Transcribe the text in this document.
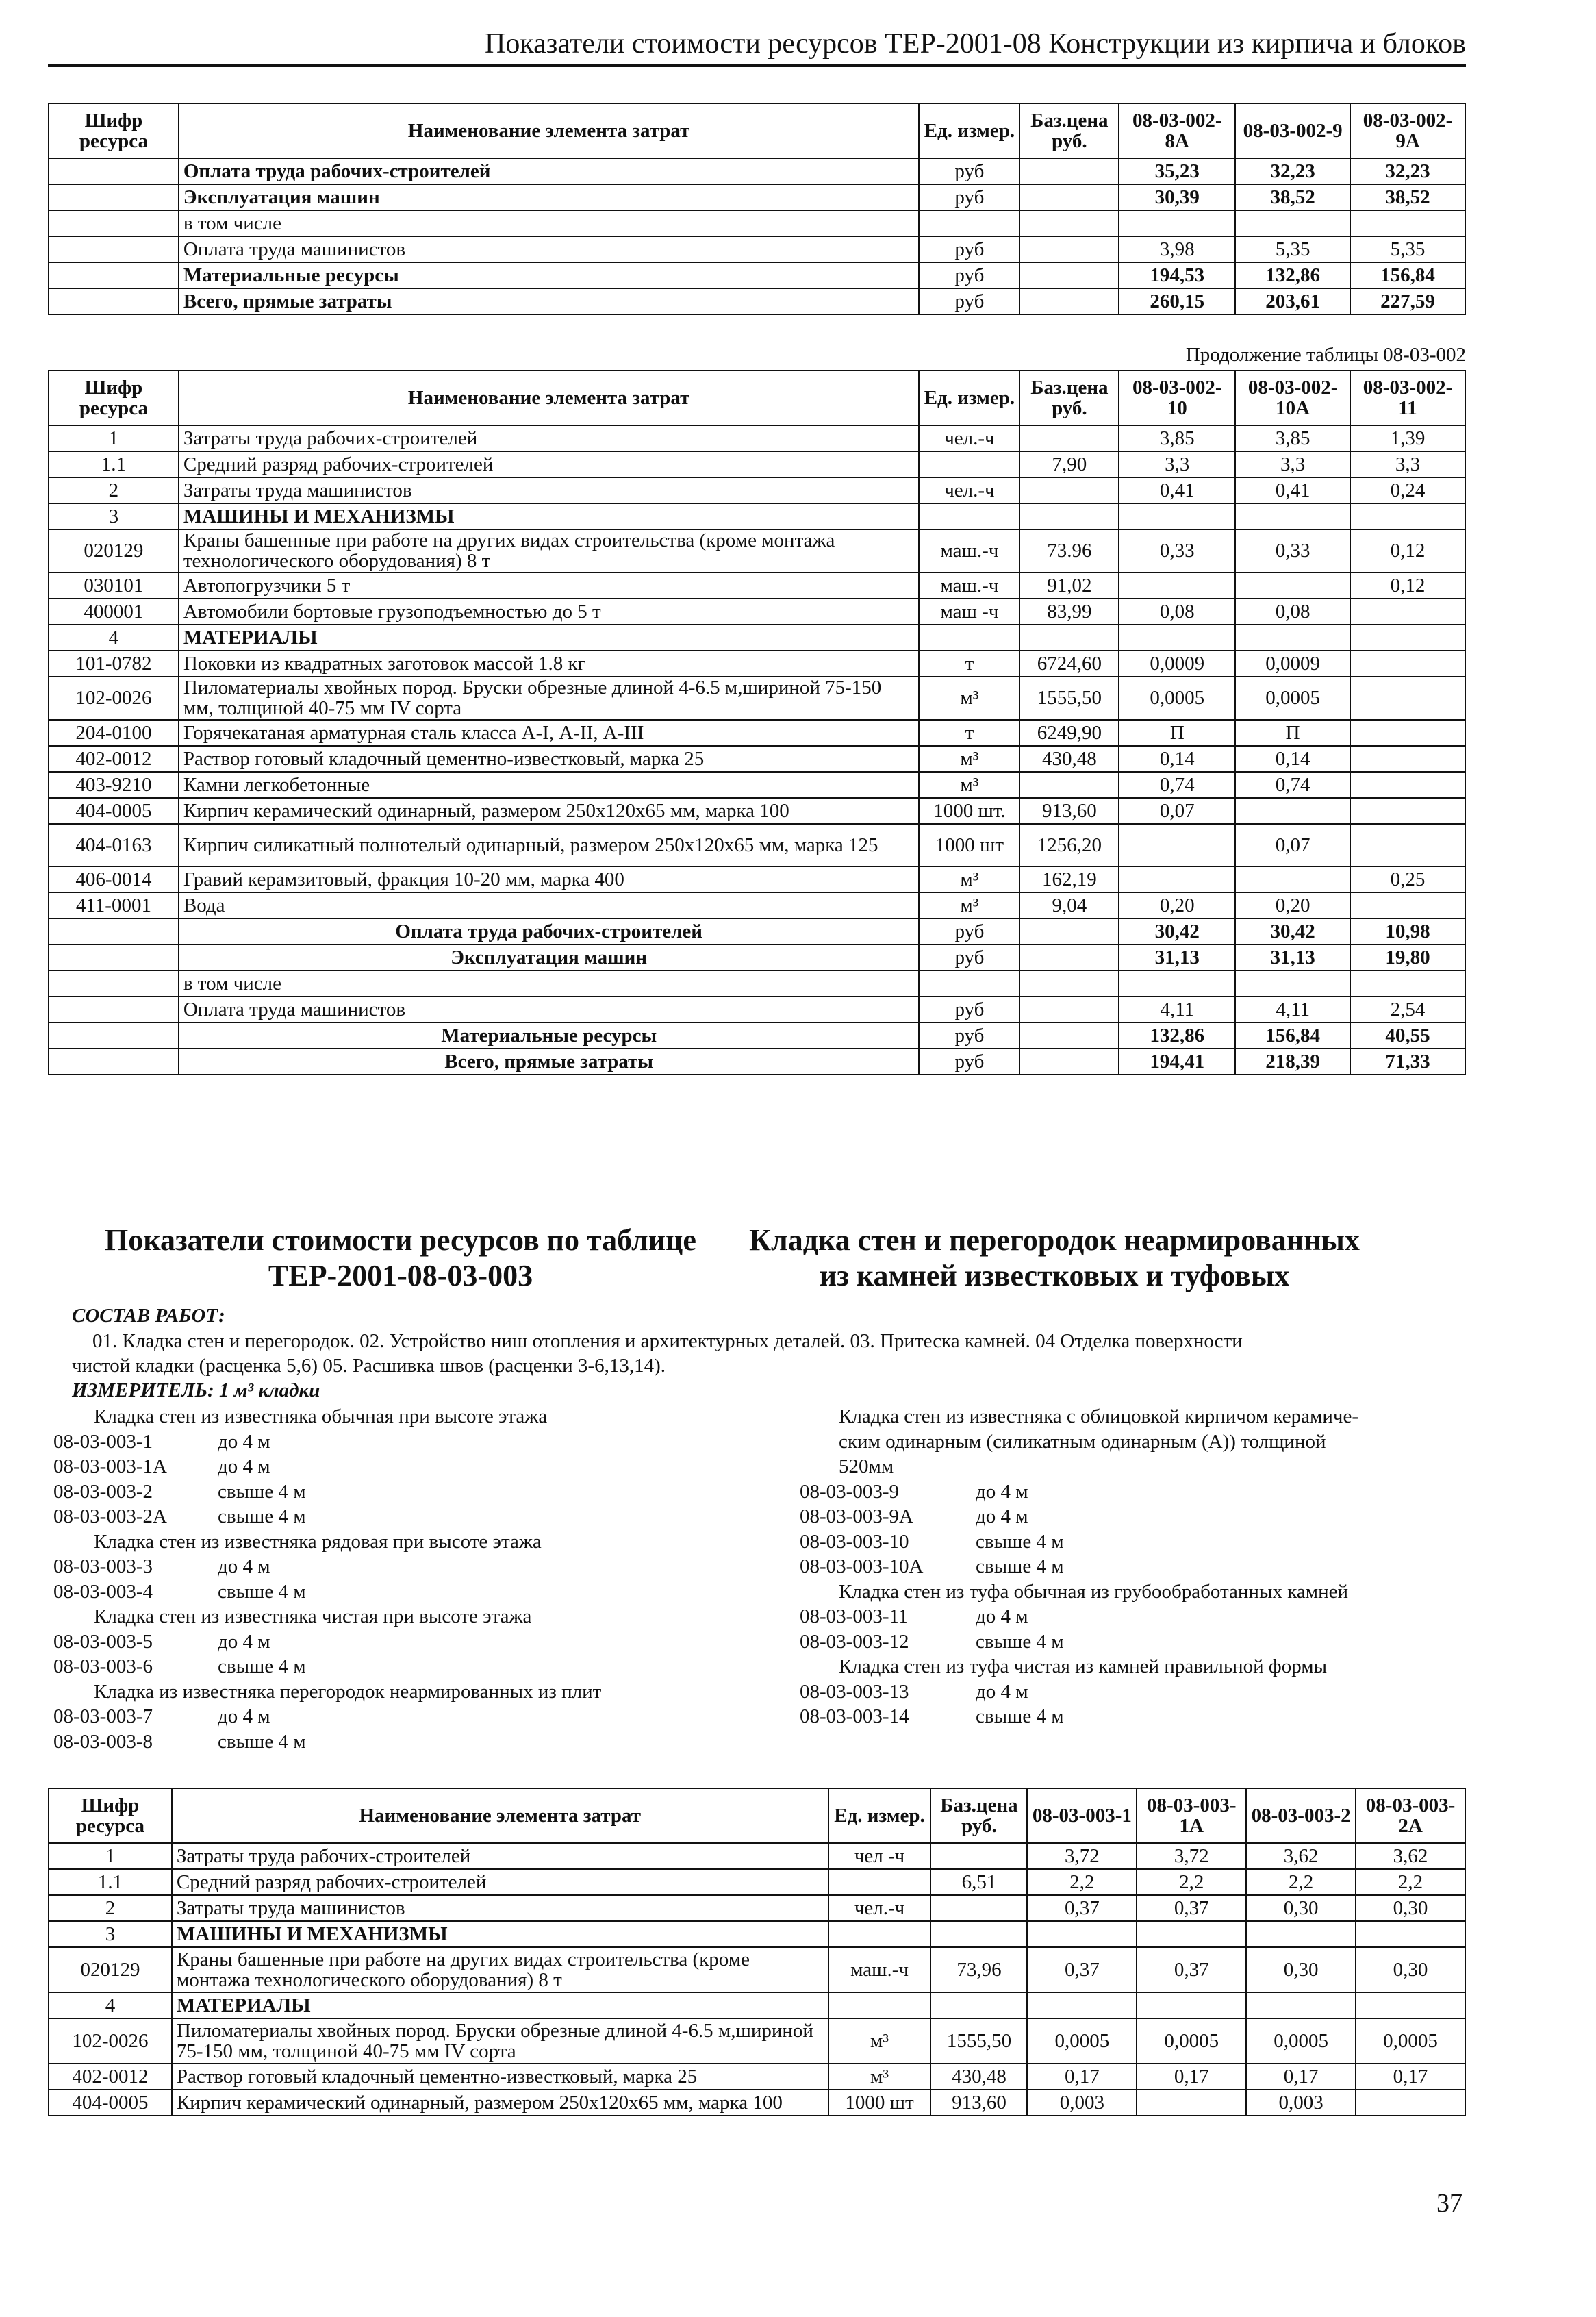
Показатели стоимости ресурсов ТЕР-2001-08 Конструкции из кирпича и блоков
Шифр ресурса	Наименование элемента затрат	Ед. измер.	Баз.цена руб.	08-03-002-8А	08-03-002-9	08-03-002-9А
	Оплата труда рабочих-строителей	руб		35,23	32,23	32,23
	Эксплуатация машин	руб		30,39	38,52	38,52
	в том числе					
	Оплата труда машинистов	руб		3,98	5,35	5,35
	Материальные ресурсы	руб		194,53	132,86	156,84
	Всего, прямые затраты	руб		260,15	203,61	227,59
Продолжение таблицы 08-03-002
Шифр ресурса	Наименование элемента затрат	Ед. измер.	Баз.цена руб.	08-03-002-10	08-03-002-10А	08-03-002-11
1	Затраты труда рабочих-строителей	чел.-ч		3,85	3,85	1,39
1.1	Средний разряд рабочих-строителей		7,90	3,3	3,3	3,3
2	Затраты труда машинистов	чел.-ч		0,41	0,41	0,24
3	МАШИНЫ И МЕХАНИЗМЫ					
020129	Краны башенные при работе на других видах строительства (кроме монтажа технологического оборудования) 8 т	маш.-ч	73.96	0,33	0,33	0,12
030101	Автопогрузчики 5 т	маш.-ч	91,02			0,12
400001	Автомобили бортовые грузоподъемностью до 5 т	маш -ч	83,99	0,08	0,08	
4	МАТЕРИАЛЫ					
101-0782	Поковки из квадратных заготовок массой 1.8 кг	т	6724,60	0,0009	0,0009	
102-0026	Пиломатериалы хвойных пород. Бруски обрезные длиной 4-6.5 м,шириной 75-150 мм, толщиной 40-75 мм IV сорта	м³	1555,50	0,0005	0,0005	
204-0100	Горячекатаная арматурная сталь класса А-I, А-II, А-III	т	6249,90	П	П	
402-0012	Раствор готовый кладочный цементно-известковый, марка 25	м³	430,48	0,14	0,14	
403-9210	Камни легкобетонные	м³		0,74	0,74	
404-0005	Кирпич керамический одинарный, размером 250x120x65 мм, марка 100	1000 шт.	913,60	0,07		
404-0163	Кирпич силикатный полнотелый одинарный, размером 250x120x65 мм, марка 125	1000 шт	1256,20		0,07	
406-0014	Гравий керамзитовый, фракция 10-20 мм, марка 400	м³	162,19			0,25
411-0001	Вода	м³	9,04	0,20	0,20	
	Оплата труда рабочих-строителей	руб		30,42	30,42	10,98
	Эксплуатация машин	руб		31,13	31,13	19,80
	в том числе					
	Оплата труда машинистов	руб		4,11	4,11	2,54
	Материальные ресурсы	руб		132,86	156,84	40,55
	Всего, прямые затраты	руб		194,41	218,39	71,33
Показатели стоимости ресурсов по таблице ТЕР-2001-08-03-003
Кладка стен и перегородок неармированных из камней известковых и туфовых
СОСТАВ РАБОТ:
01. Кладка стен и перегородок. 02. Устройство ниш отопления и архитектурных деталей. 03. Притеска камней. 04 Отделка поверхности
чистой кладки (расценка 5,6) 05. Расшивка швов (расценки 3-6,13,14).
ИЗМЕРИТЕЛЬ: 1 м³ кладки
Кладка стен из известняка обычная при высоте этажа
08-03-003-1	до 4 м
08-03-003-1А	до 4 м
08-03-003-2	свыше 4 м
08-03-003-2А	свыше 4 м
Кладка стен из известняка рядовая при высоте этажа
08-03-003-3	до 4 м
08-03-003-4	свыше 4 м
Кладка стен из известняка чистая при высоте этажа
08-03-003-5	до 4 м
08-03-003-6	свыше 4 м
Кладка из известняка перегородок неармированных из плит
08-03-003-7	до 4 м
08-03-003-8	свыше 4 м
Кладка стен из известняка с облицовкой кирпичом керамиче-
ским одинарным (силикатным одинарным (А)) толщиной
520мм
08-03-003-9	до 4 м
08-03-003-9А	до 4 м
08-03-003-10	свыше 4 м
08-03-003-10А	свыше 4 м
Кладка стен из туфа обычная из грубообработанных камней
08-03-003-11	до 4 м
08-03-003-12	свыше 4 м
Кладка стен из туфа чистая из камней правильной формы
08-03-003-13	до 4 м
08-03-003-14	свыше 4 м
Шифр ресурса	Наименование элемента затрат	Ед. измер.	Баз.цена руб.	08-03-003-1	08-03-003-1А	08-03-003-2	08-03-003-2А
1	Затраты труда рабочих-строителей	чел -ч		3,72	3,72	3,62	3,62
1.1	Средний разряд рабочих-строителей		6,51	2,2	2,2	2,2	2,2
2	Затраты труда машинистов	чел.-ч		0,37	0,37	0,30	0,30
3	МАШИНЫ И МЕХАНИЗМЫ						
020129	Краны башенные при работе на других видах строительства (кроме монтажа технологического оборудования) 8 т	маш.-ч	73,96	0,37	0,37	0,30	0,30
4	МАТЕРИАЛЫ						
102-0026	Пиломатериалы хвойных пород. Бруски обрезные длиной 4-6.5 м,шириной 75-150 мм, толщиной 40-75 мм IV сорта	м³	1555,50	0,0005	0,0005	0,0005	0,0005
402-0012	Раствор готовый кладочный цементно-известковый, марка 25	м³	430,48	0,17	0,17	0,17	0,17
404-0005	Кирпич керамический одинарный, размером 250x120x65 мм, марка 100	1000 шт	913,60	0,003		0,003	
37
